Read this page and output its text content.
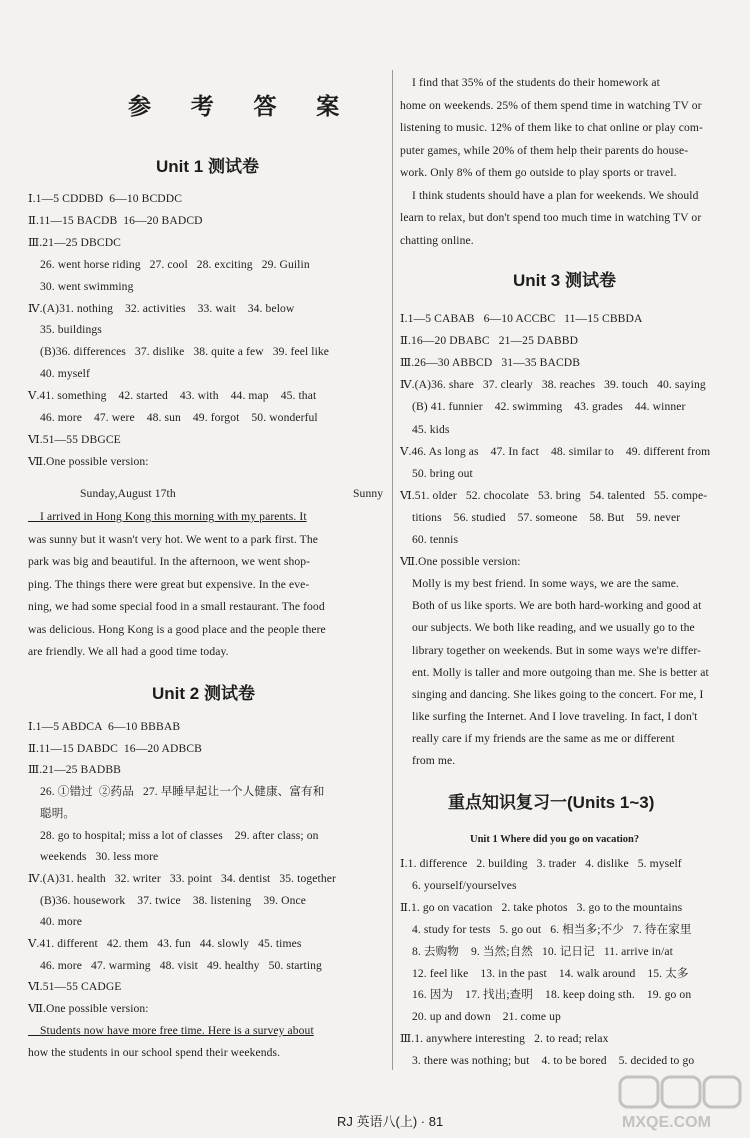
参 考 答 案
Unit 1 测试卷
Ⅰ.1—5 CDDBD  6—10 BCDDC
Ⅱ.11—15 BACDB  16—20 BADCD
Ⅲ.21—25 DBCDC
26. went horse riding   27. cool   28. exciting   29. Guilin
30. went swimming
Ⅳ.(A)31. nothing    32. activities    33. wait    34. below
35. buildings
(B)36. differences   37. dislike   38. quite a few   39. feel like
40. myself
Ⅴ.41. something    42. started    43. with    44. map    45. that
46. more    47. were    48. sun    49. forgot    50. wonderful
Ⅵ.51—55 DBGCE
Ⅶ.One possible version:
Sunday,August 17th	Sunny
I arrived in Hong Kong this morning with my parents. It
was sunny but it wasn't very hot. We went to a park first. The
park was big and beautiful. In the afternoon, we went shop-
ping. The things there were great but expensive. In the eve-
ning, we had some special food in a small restaurant. The food
was delicious. Hong Kong is a good place and the people there
are friendly. We all had a good time today.
Unit 2 测试卷
Ⅰ.1—5 ABDCA  6—10 BBBAB
Ⅱ.11—15 DABDC  16—20 ADBCB
Ⅲ.21—25 BADBB
26. ①错过  ②药品   27. 早睡早起让一个人健康、富有和
聪明。
28. go to hospital; miss a lot of classes    29. after class; on
weekends   30. less more
Ⅳ.(A)31. health   32. writer   33. point   34. dentist   35. together
(B)36. housework    37. twice    38. listening    39. Once
40. more
Ⅴ.41. different   42. them   43. fun   44. slowly   45. times
46. more   47. warming   48. visit   49. healthy   50. starting
Ⅵ.51—55 CADGE
Ⅶ.One possible version:
Students now have more free time. Here is a survey about
how the students in our school spend their weekends.
I find that 35% of the students do their homework at
home on weekends. 25% of them spend time in watching TV or
listening to music. 12% of them like to chat online or play com-
puter games, while 20% of them help their parents do house-
work. Only 8% of them go outside to play sports or travel.
I think students should have a plan for weekends. We should
learn to relax, but don't spend too much time in watching TV or
chatting online.
Unit 3 测试卷
Ⅰ.1—5 CABAB   6—10 ACCBC   11—15 CBBDA
Ⅱ.16—20 DBABC   21—25 DABBD
Ⅲ.26—30 ABBCD   31—35 BACDB
Ⅳ.(A)36. share   37. clearly   38. reaches   39. touch   40. saying
(B) 41. funnier    42. swimming    43. grades    44. winner
45. kids
Ⅴ.46. As long as    47. In fact    48. similar to    49. different from
50. bring out
Ⅵ.51. older   52. chocolate   53. bring   54. talented   55. compe-
titions    56. studied    57. someone    58. But    59. never
60. tennis
Ⅶ.One possible version:
Molly is my best friend. In some ways, we are the same.
Both of us like sports. We are both hard-working and good at
our subjects. We both like reading, and we usually go to the
library together on weekends. But in some ways we're differ-
ent. Molly is taller and more outgoing than me. She is better at
singing and dancing. She likes going to the concert. For me, I
like surfing the Internet. And I love traveling. In fact, I don't
really care if my friends are the same as me or different
from me.
重点知识复习一(Units 1~3)
Unit 1 Where did you go on vacation?
Ⅰ.1. difference   2. building   3. trader   4. dislike   5. myself
6. yourself/yourselves
Ⅱ.1. go on vacation   2. take photos   3. go to the mountains
4. study for tests   5. go out   6. 相当多;不少   7. 待在家里
8. 去购物    9. 当然;自然   10. 记日记   11. arrive in/at
12. feel like    13. in the past    14. walk around    15. 太多
16. 因为    17. 找出;查明    18. keep doing sth.    19. go on
20. up and down    21. come up
Ⅲ.1. anywhere interesting   2. to read; relax
3. there was nothing; but    4. to be bored    5. decided to go
RJ 英语八(上) · 81	MXQE.COM
